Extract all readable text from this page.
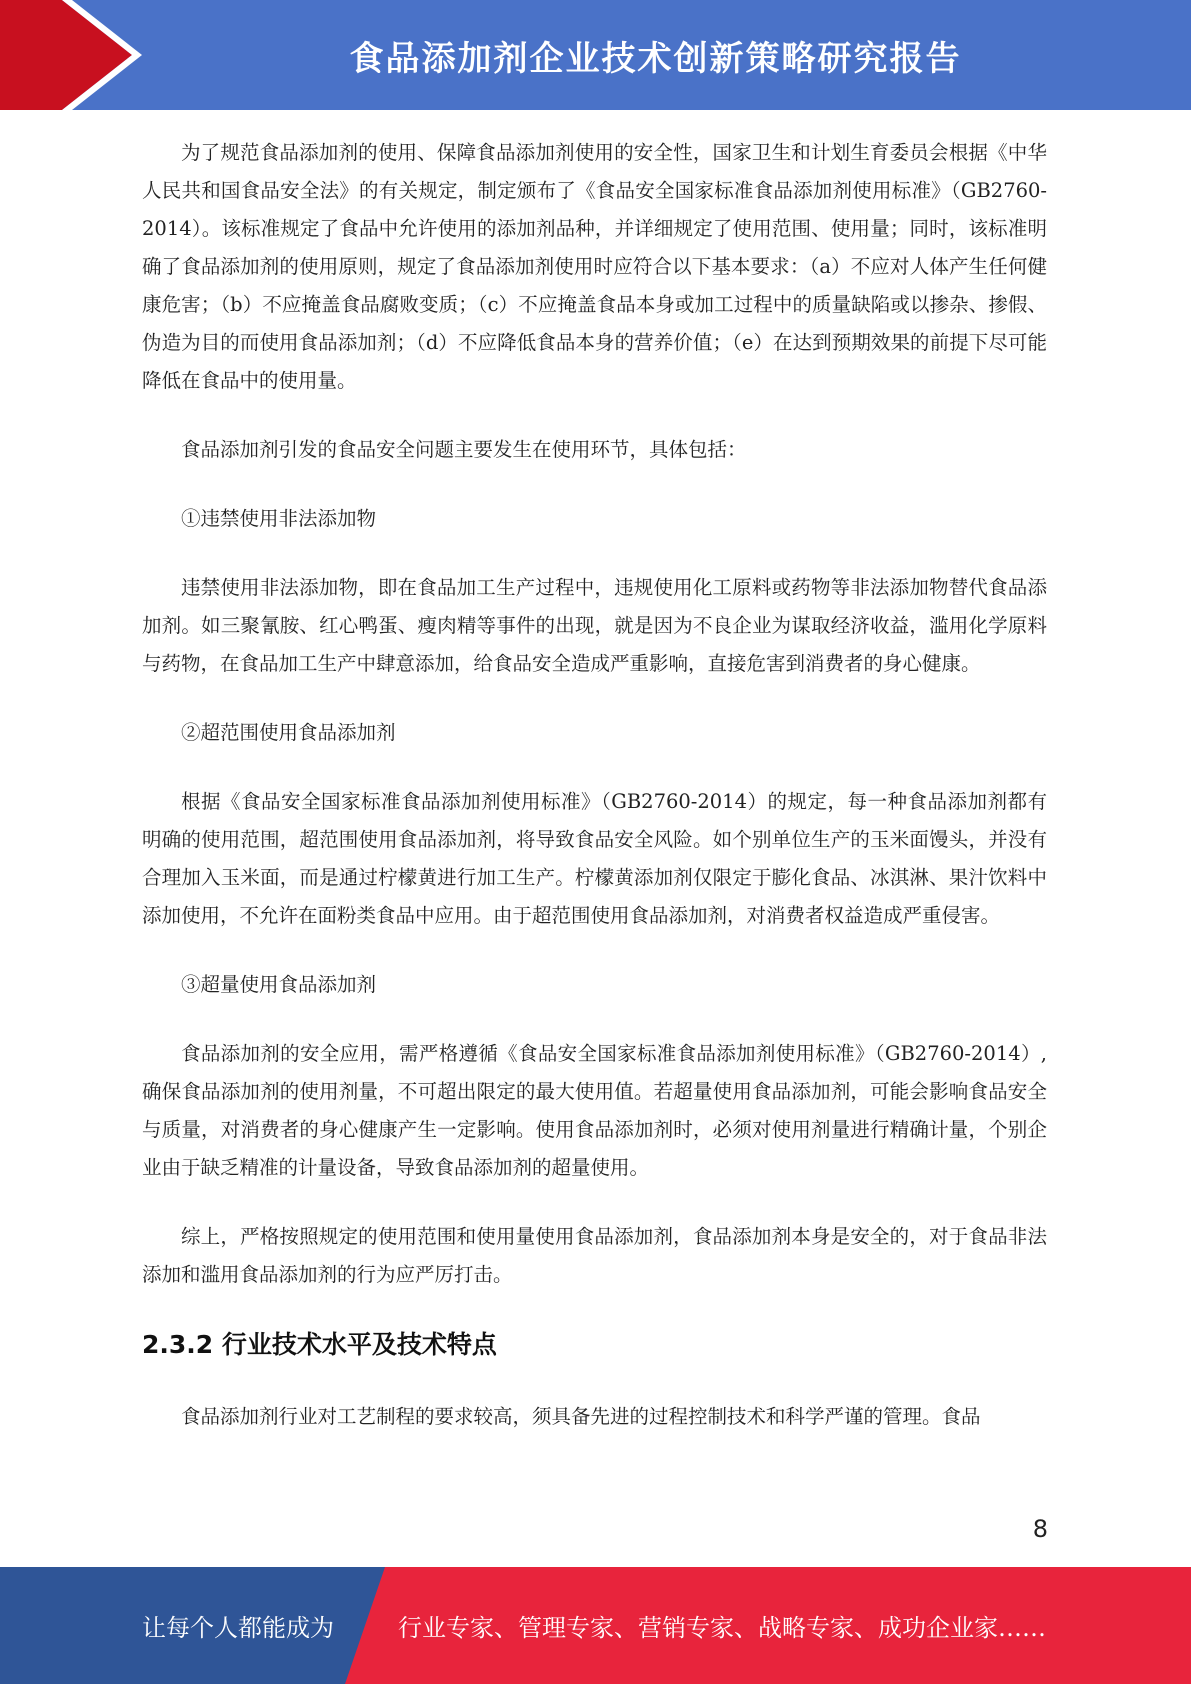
食品添加剂企业技术创新策略研究报告

为了规范食品添加剂的使用、保障食品添加剂使用的安全性，国家卫生和计划生育委员会根据《中华人民共和国食品安全法》的有关规定，制定颁布了《食品安全国家标准食品添加剂使用标准》（GB2760-2014）。该标准规定了食品中允许使用的添加剂品种，并详细规定了使用范围、使用量；同时，该标准明确了食品添加剂的使用原则，规定了食品添加剂使用时应符合以下基本要求：（a）不应对人体产生任何健康危害；（b）不应掩盖食品腐败变质；（c）不应掩盖食品本身或加工过程中的质量缺陷或以掺杂、掺假、伪造为目的而使用食品添加剂；（d）不应降低食品本身的营养价值；（e）在达到预期效果的前提下尽可能降低在食品中的使用量。

食品添加剂引发的食品安全问题主要发生在使用环节，具体包括：

①违禁使用非法添加物

违禁使用非法添加物，即在食品加工生产过程中，违规使用化工原料或药物等非法添加物替代食品添加剂。如三聚氰胺、红心鸭蛋、瘦肉精等事件的出现，就是因为不良企业为谋取经济收益，滥用化学原料与药物，在食品加工生产中肆意添加，给食品安全造成严重影响，直接危害到消费者的身心健康。

②超范围使用食品添加剂

根据《食品安全国家标准食品添加剂使用标准》（GB2760-2014）的规定，每一种食品添加剂都有明确的使用范围，超范围使用食品添加剂，将导致食品安全风险。如个别单位生产的玉米面馒头，并没有合理加入玉米面，而是通过柠檬黄进行加工生产。柠檬黄添加剂仅限定于膨化食品、冰淇淋、果汁饮料中添加使用，不允许在面粉类食品中应用。由于超范围使用食品添加剂，对消费者权益造成严重侵害。

③超量使用食品添加剂

食品添加剂的安全应用，需严格遵循《食品安全国家标准食品添加剂使用标准》（GB2760-2014）,确保食品添加剂的使用剂量，不可超出限定的最大使用值。若超量使用食品添加剂，可能会影响食品安全与质量，对消费者的身心健康产生一定影响。使用食品添加剂时，必须对使用剂量进行精确计量，个别企业由于缺乏精准的计量设备，导致食品添加剂的超量使用。

综上，严格按照规定的使用范围和使用量使用食品添加剂，食品添加剂本身是安全的，对于食品非法添加和滥用食品添加剂的行为应严厉打击。

2.3.2 行业技术水平及技术特点

食品添加剂行业对工艺制程的要求较高，须具备先进的过程控制技术和科学严谨的管理。食品

8
让每个人都能成为	行业专家、管理专家、营销专家、战略专家、成功企业家……
